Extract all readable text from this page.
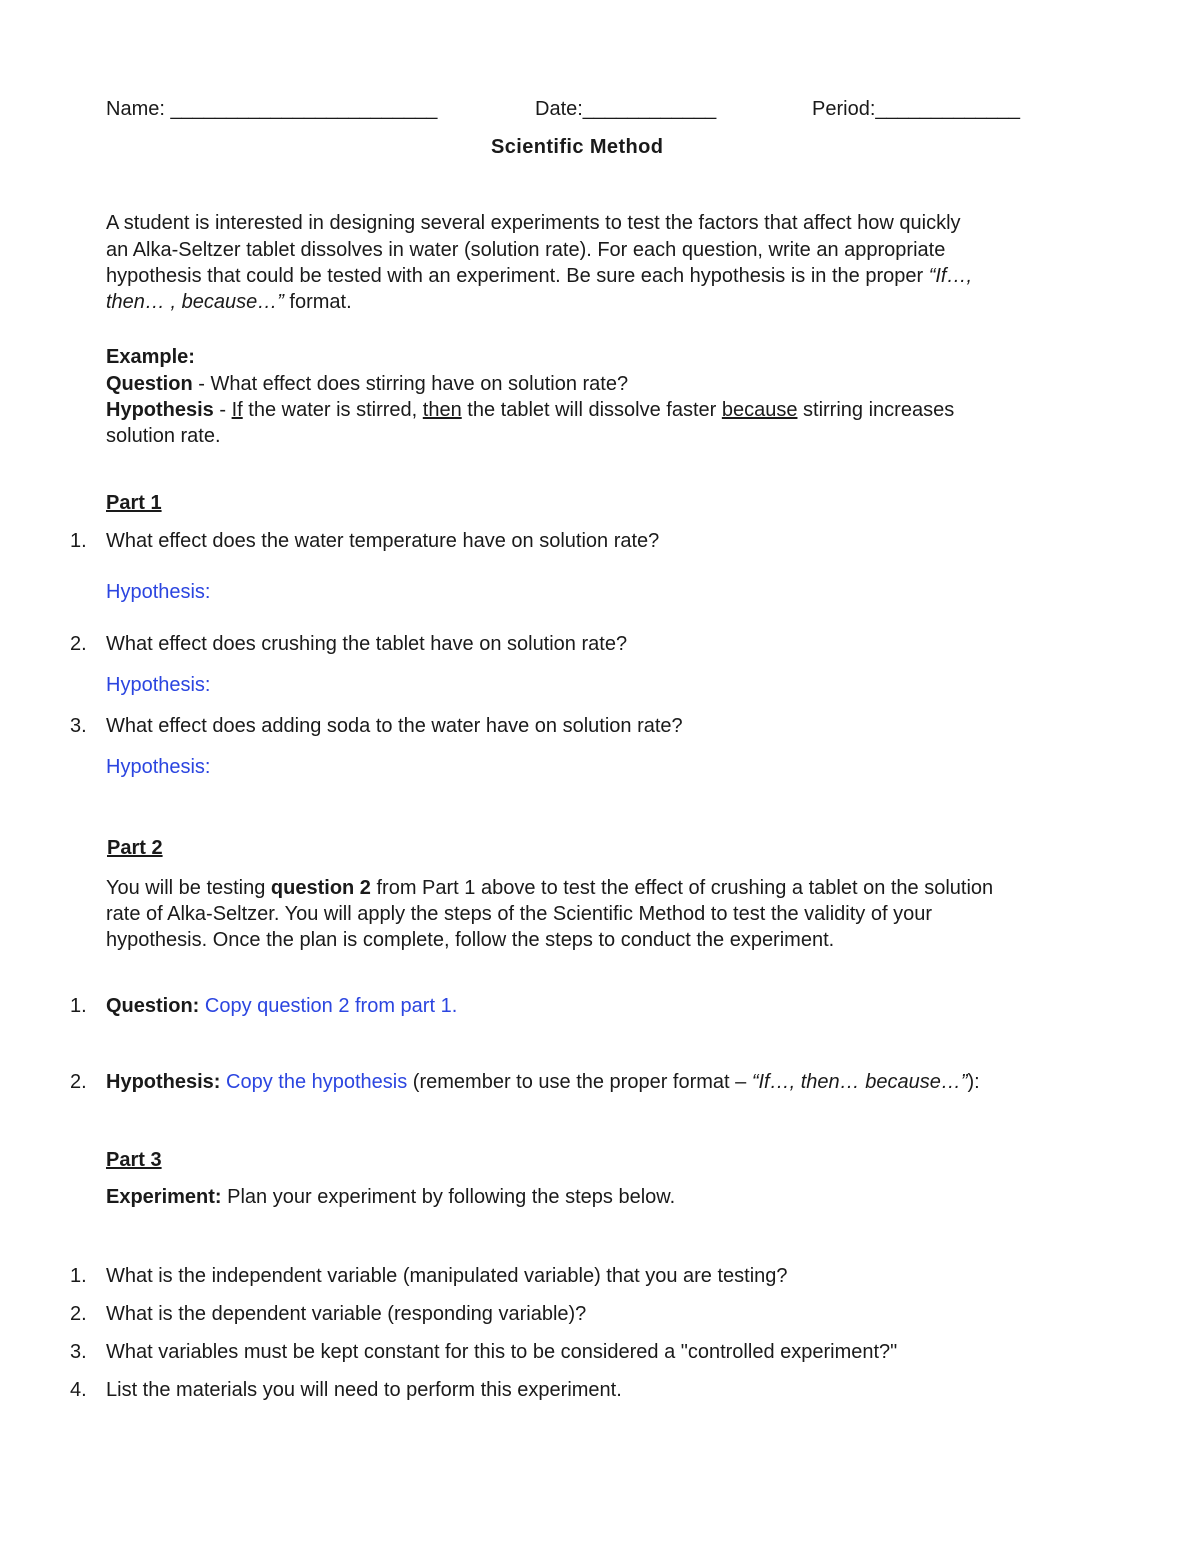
Name: ________________________	Date:____________	Period:_____________
Scientific Method
A student is interested in designing several experiments to test the factors that affect how quickly
an Alka-Seltzer tablet dissolves in water (solution rate). For each question, write an appropriate
hypothesis that could be tested with an experiment. Be sure each hypothesis is in the proper “If…,
then… , because…” format.
Example:
Question - What effect does stirring have on solution rate?
Hypothesis - If the water is stirred, then the tablet will dissolve faster because stirring increases
solution rate.
Part 1
1. What effect does the water temperature have on solution rate?
Hypothesis:
2. What effect does crushing the tablet have on solution rate?
Hypothesis:
3. What effect does adding soda to the water have on solution rate?
Hypothesis:
Part 2
You will be testing question 2 from Part 1 above to test the effect of crushing a tablet on the solution
rate of Alka-Seltzer. You will apply the steps of the Scientific Method to test the validity of your
hypothesis. Once the plan is complete, follow the steps to conduct the experiment.
1. Question: Copy question 2 from part 1.
2. Hypothesis: Copy the hypothesis (remember to use the proper format – “If…, then… because…”):
Part 3
Experiment: Plan your experiment by following the steps below.
1. What is the independent variable (manipulated variable) that you are testing?
2. What is the dependent variable (responding variable)?
3. What variables must be kept constant for this to be considered a "controlled experiment?"
4. List the materials you will need to perform this experiment.
